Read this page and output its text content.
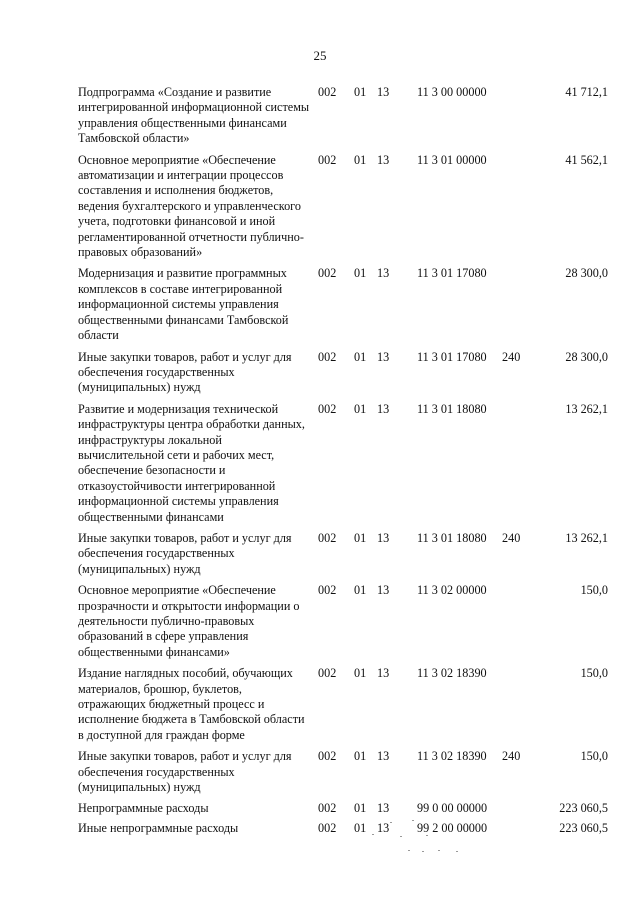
25
Подпрограмма «Создание и развитие интегрированной информационной системы управления общественными финансами Тамбовской области»
002	01 13	11 3 00 00000	41 712,1
Основное мероприятие «Обеспечение автоматизации и интеграции процессов составления и исполнения бюджетов, ведения бухгалтерского и управленческого учета, подготовки финансовой и иной регламентированной отчетности публично-правовых образований»
002	01 13	11 3 01 00000	41 562,1
Модернизация и развитие программных комплексов в составе интегрированной информационной системы управления общественными финансами Тамбовской области
002	01 13	11 3 01 17080	28 300,0
Иные закупки товаров, работ и услуг для обеспечения государственных (муниципальных) нужд
002	01 13	11 3 01 17080	240	28 300,0
Развитие и модернизация технической инфраструктуры центра обработки данных, инфраструктуры локальной вычислительной сети и рабочих мест, обеспечение безопасности и отказоустойчивости интегрированной информационной системы управления общественными финансами
002	01 13	11 3 01 18080	13 262,1
Иные закупки товаров, работ и услуг для обеспечения государственных (муниципальных) нужд
002	01 13	11 3 01 18080	240	13 262,1
Основное мероприятие «Обеспечение прозрачности и открытости информации о деятельности публично-правовых образований в сфере управления общественными финансами»
002	01 13	11 3 02 00000	150,0
Издание наглядных пособий, обучающих материалов, брошюр, буклетов, отражающих бюджетный процесс и исполнение бюджета в Тамбовской области в доступной для граждан форме
002	01 13	11 3 02 18390	150,0
Иные закупки товаров, работ и услуг для обеспечения государственных (муниципальных) нужд
002	01 13	11 3 02 18390	240	150,0
Непрограммные расходы	002	01 13	99 0 00 00000	223 060,5
Иные непрограммные расходы	002	01 13	99 2 00 00000	223 060,5
